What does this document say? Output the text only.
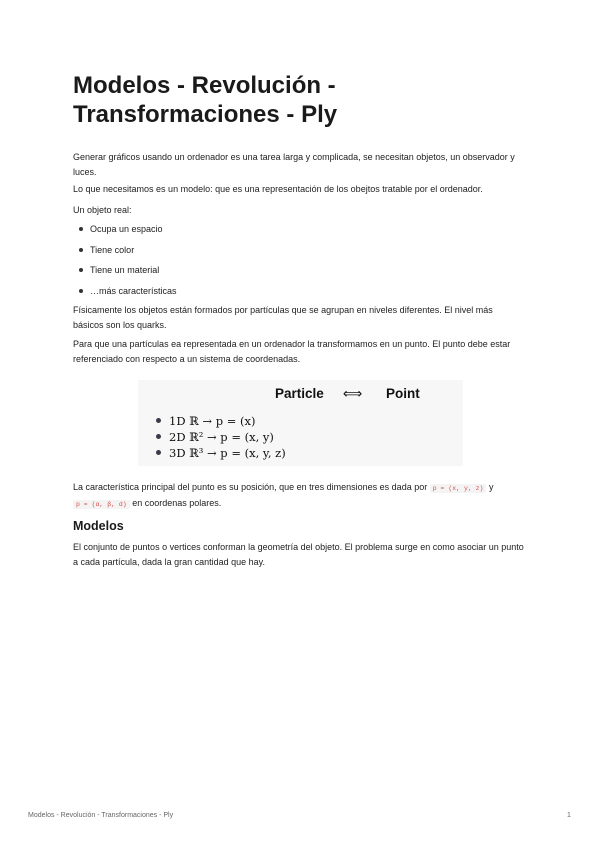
Modelos - Revolución - Transformaciones - Ply

Generar gráficos usando un ordenador es una tarea larga y complicada, se necesitan objetos, un observador y luces.

Lo que necesitamos es un modelo: que es una representación de los obejtos tratable por el ordenador.

Un objeto real:

Ocupa un espacio
Tiene color
Tiene un material
…más características

Físicamente los objetos están formados por partículas que se agrupan en niveles diferentes. El nivel más básicos son los quarks.

Para que una partículas ea representada en un ordenador la transformamos en un punto. El punto debe estar referenciado con respecto a un sistema de coordenadas.

Particle ⟺ Point
1D ℝ → p = (x)
2D ℝ² → p = (x, y)
3D ℝ³ → p = (x, y, z)

La característica principal del punto es su posición, que en tres dimensiones es dada por p = (x, y, z) y
p = (α, β, d) en coordenas polares.

Modelos

El conjunto de puntos o vertices conforman la geometría del objeto. El problema surge en como asociar un punto a cada partícula, dada la gran cantidad que hay.

Modelos - Revolución - Transformaciones - Ply	1
